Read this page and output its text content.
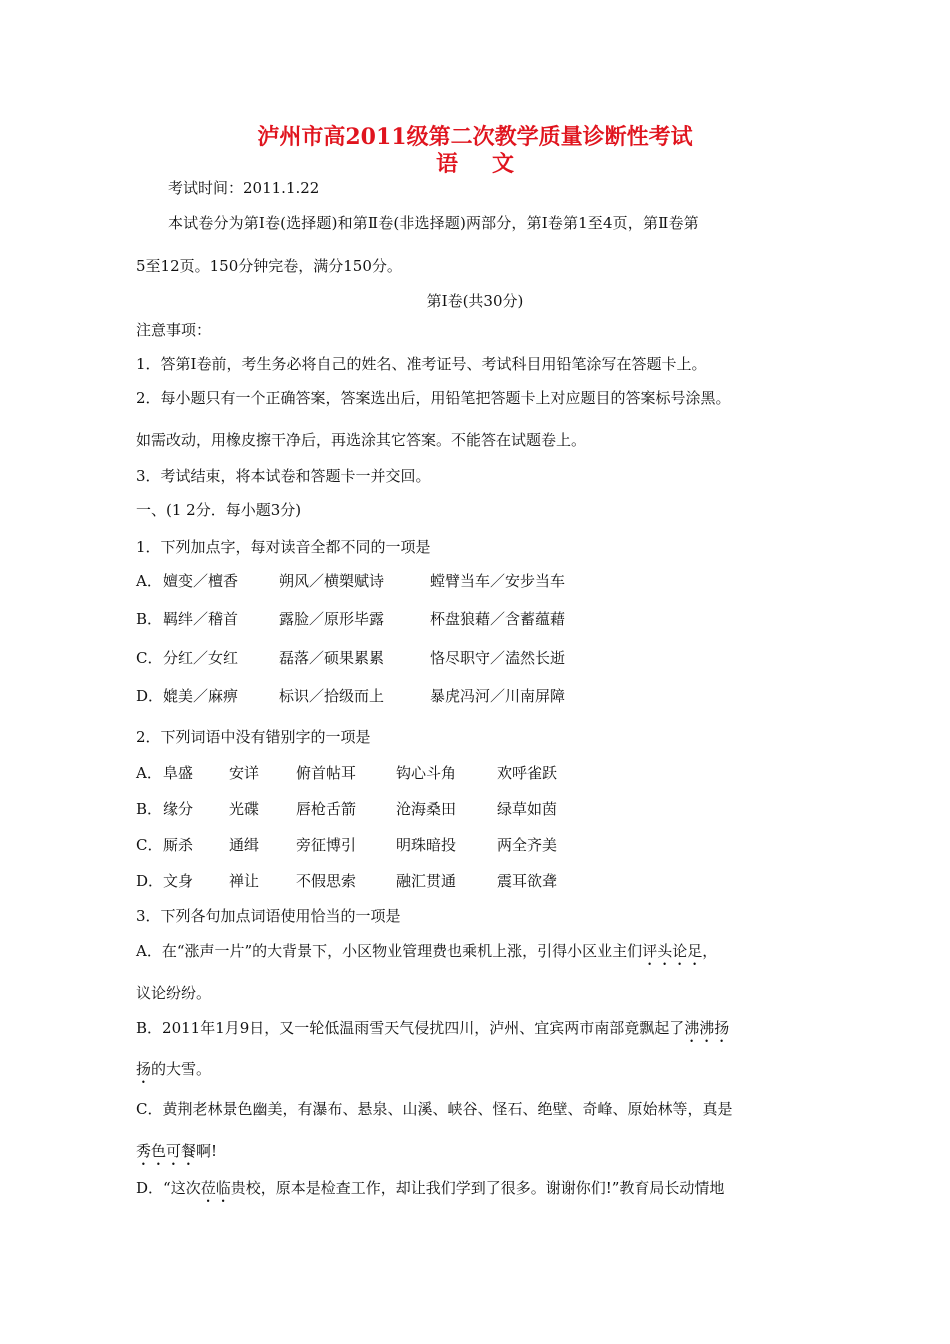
泸州市高2011级第二次教学质量诊断性考试
语文
考试时间：2011.1.22
本试卷分为第Ⅰ卷(选择题)和第Ⅱ卷(非选择题)两部分，第Ⅰ卷第1至4页，第Ⅱ卷第
5至12页。150分钟完卷，满分150分。
第Ⅰ卷(共30分)
注意事项：
1．答第Ⅰ卷前，考生务必将自己的姓名、准考证号、考试科目用铅笔涂写在答题卡上。
2．每小题只有一个正确答案，答案选出后，用铅笔把答题卡上对应题目的答案标号涂黑。
如需改动，用橡皮擦干净后，再选涂其它答案。不能答在试题卷上。
3．考试结束，将本试卷和答题卡一并交回。
一、(1 2分．每小题3分)
1．下列加点字，每对读音全都不同的一项是
A． 嬗变／檀香	朔风／横槊赋诗	螳臂当车／安步当车
B． 羁绊／稽首	露脸／原形毕露	杯盘狼藉／含蓄蕴藉
C． 分红／女红	磊落／硕果累累	恪尽职守／溘然长逝
D． 媲美／麻痹	标识／拾级而上	暴虎冯河／川南屏障
2．下列词语中没有错别字的一项是
A． 阜盛 安详 俯首帖耳	钩心斗角	欢呼雀跃
B． 缘分 光碟 唇枪舌箭	沧海桑田	绿草如茵
C． 厮杀 通缉 旁征博引	明珠暗投	两全齐美
D． 文身 禅让 不假思索	融汇贯通	震耳欲聋
3．下列各句加点词语使用恰当的一项是
A．在“涨声一片”的大背景下，小区物业管理费也乘机上涨，引得小区业主们评头论足，
议论纷纷。
B．2011年1月9日，又一轮低温雨雪天气侵扰四川，泸州、宜宾两市南部竟飘起了沸沸扬
扬的大雪。
C．黄荆老林景色幽美，有瀑布、悬泉、山溪、峡谷、怪石、绝壁、奇峰、原始林等，真是
秀色可餐啊!
D．“这次莅临贵校，原本是检查工作，却让我们学到了很多。谢谢你们!”教育局长动情地
